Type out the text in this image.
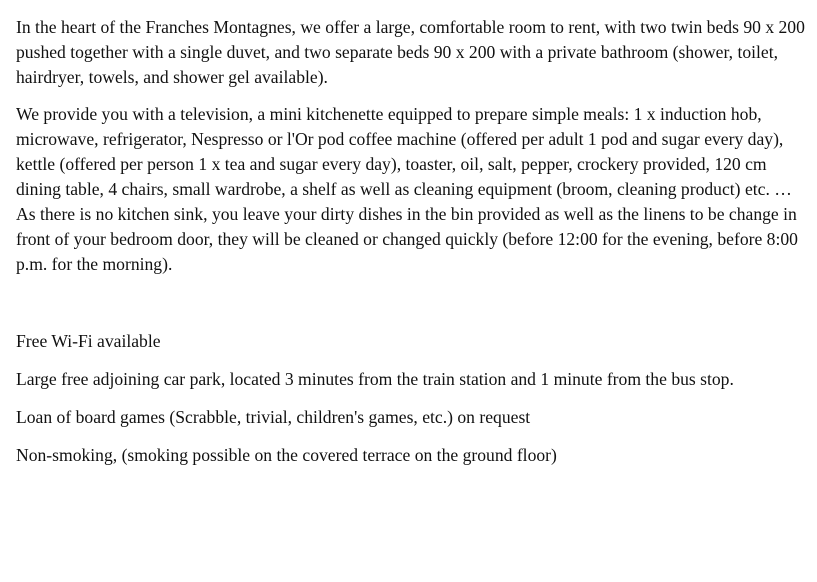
In the heart of the Franches Montagnes, we offer a large, comfortable room to rent, with two twin beds 90 x 200 pushed together with a single duvet, and two separate beds 90 x 200 with a private bathroom (shower, toilet, hairdryer, towels, and shower gel available).

We provide you with a television, a mini kitchenette equipped to prepare simple meals: 1 x induction hob, microwave, refrigerator, Nespresso or l'Or pod coffee machine (offered per adult 1 pod and sugar every day), kettle (offered per person 1 x tea and sugar every day), toaster, oil, salt, pepper, crockery provided, 120 cm dining table, 4 chairs, small wardrobe, a shelf as well as cleaning equipment (broom, cleaning product) etc. … As there is no kitchen sink, you leave your dirty dishes in the bin provided as well as the linens to be change in front of your bedroom door, they will be cleaned or changed quickly (before 12:00 for the evening, before 8:00 p.m. for the morning).

Free Wi-Fi available

Large free adjoining car park, located 3 minutes from the train station and 1 minute from the bus stop.

Loan of board games (Scrabble, trivial, children's games, etc.) on request

Non-smoking, (smoking possible on the covered terrace on the ground floor)
